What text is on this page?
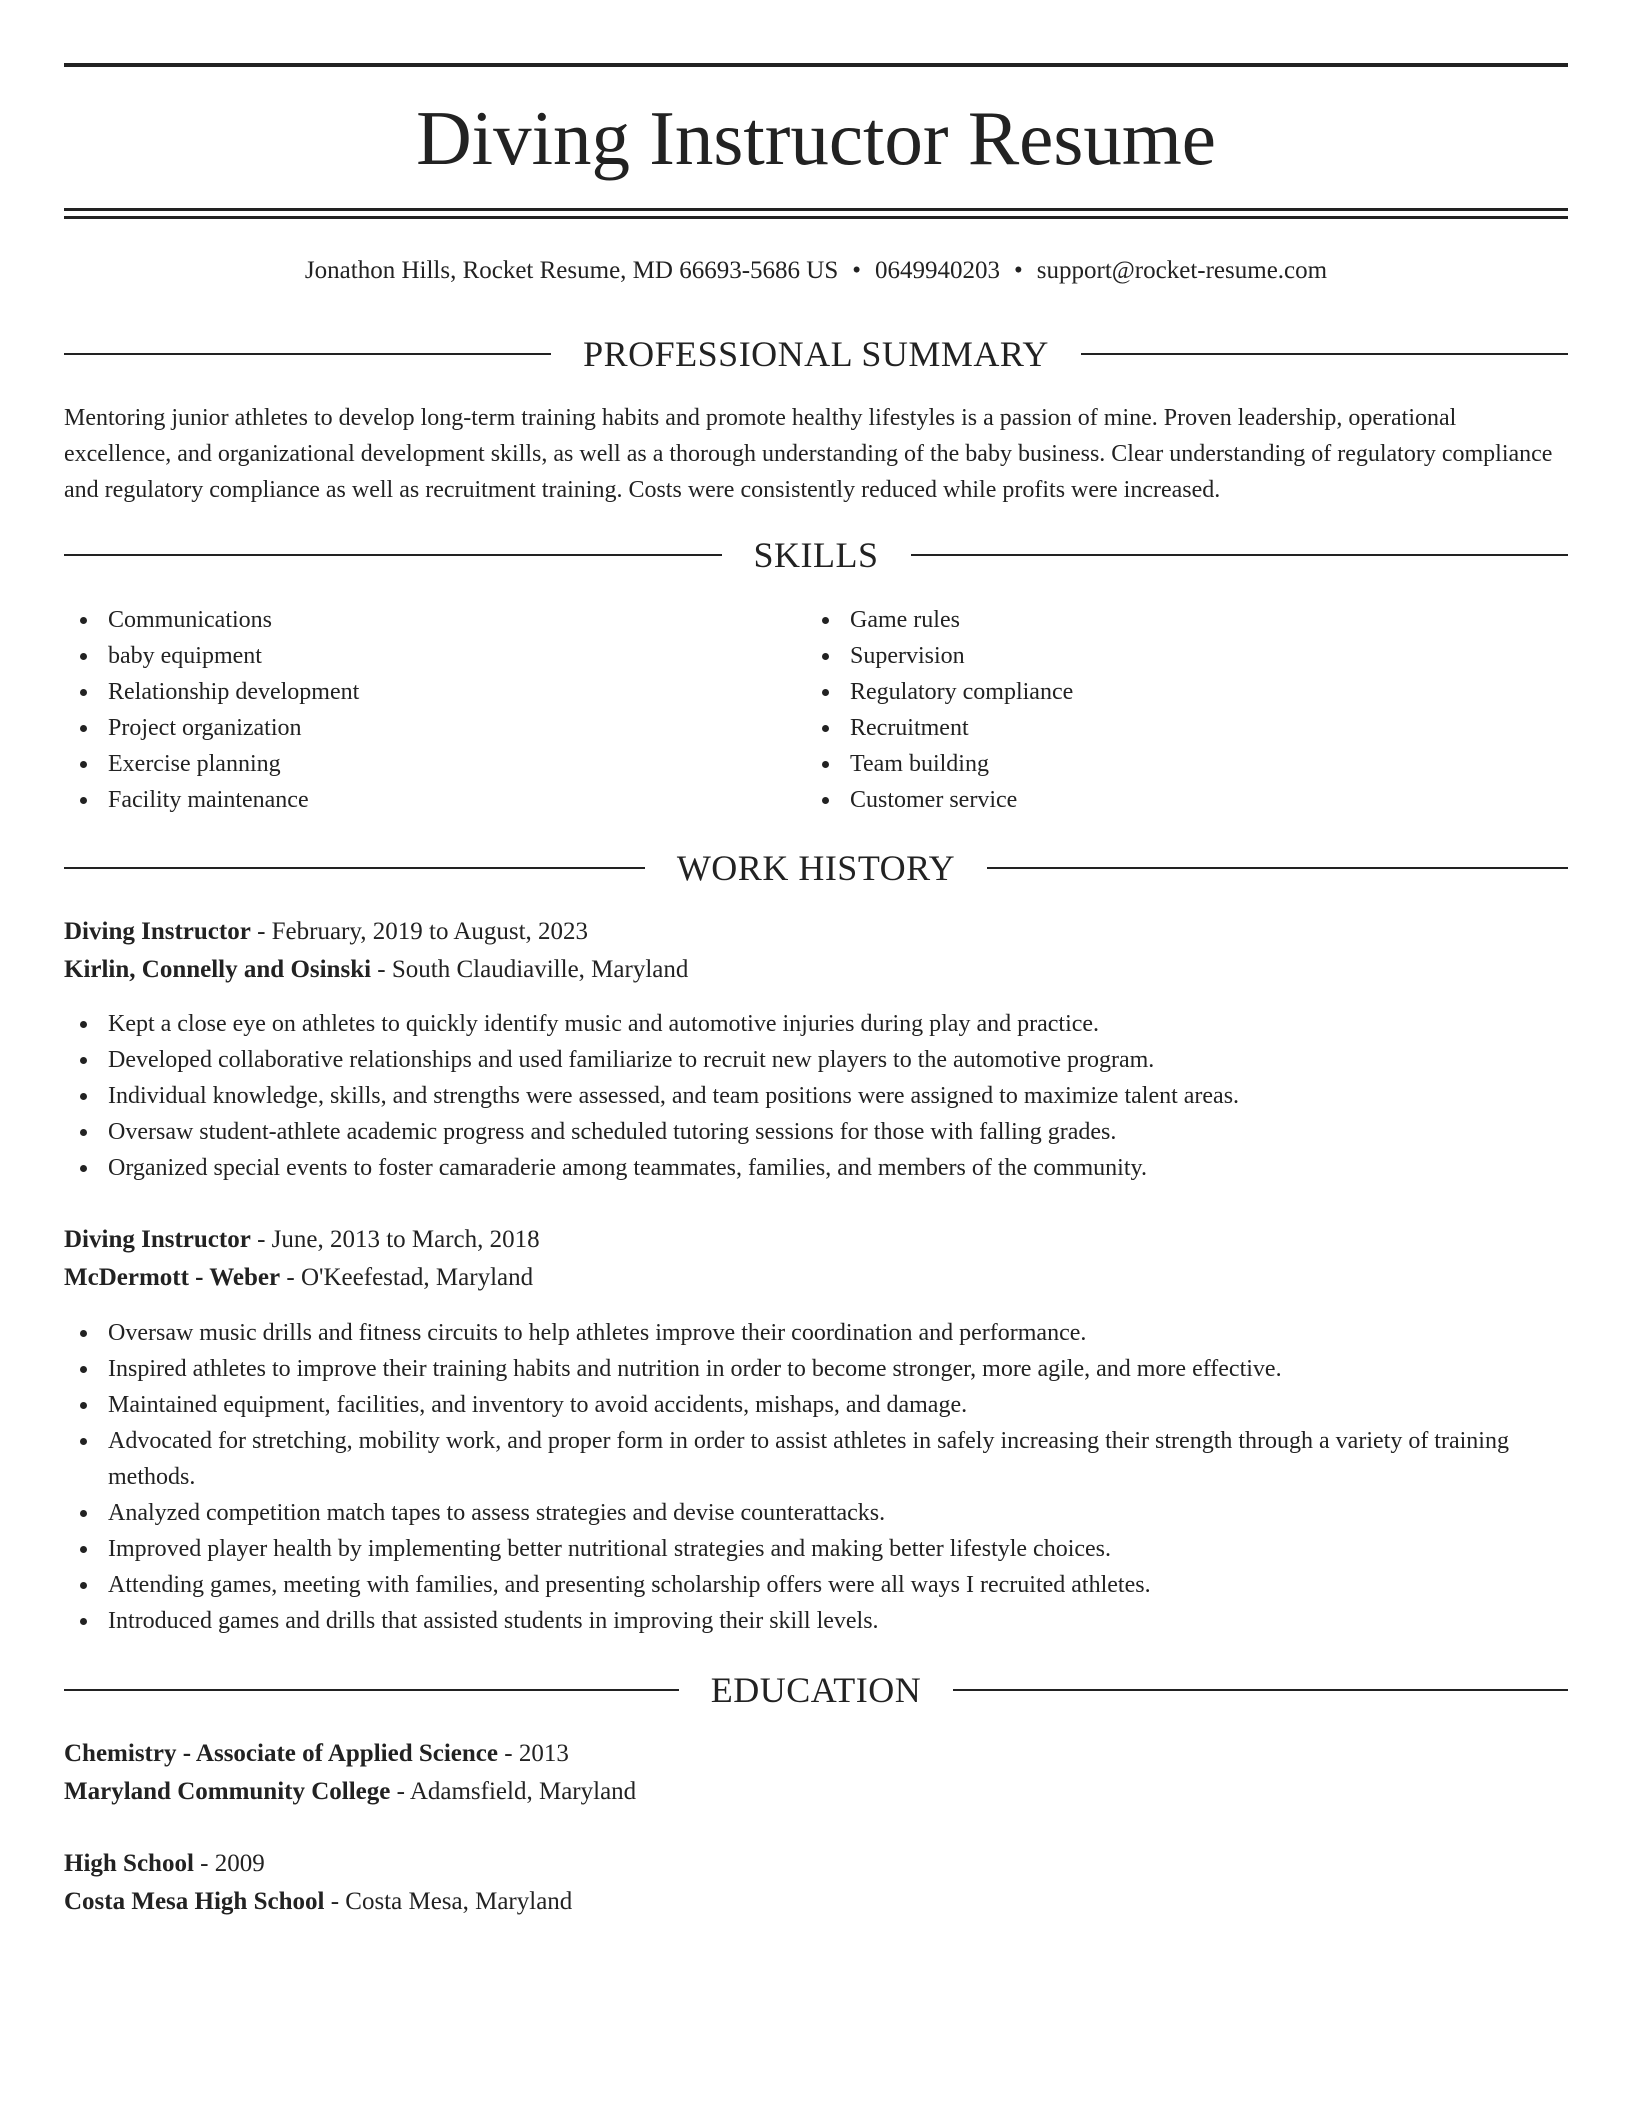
Diving Instructor Resume
Jonathon Hills, Rocket Resume, MD 66693-5686 US • 0649940203 • support@rocket-resume.com
PROFESSIONAL SUMMARY

Mentoring junior athletes to develop long-term training habits and promote healthy lifestyles is a passion of mine. Proven leadership, operational excellence, and organizational development skills, as well as a thorough understanding of the baby business. Clear understanding of regulatory compliance and regulatory compliance as well as recruitment training. Costs were consistently reduced while profits were increased.

SKILLS
Communications
baby equipment
Relationship development
Project organization
Exercise planning
Facility maintenance
Game rules
Supervision
Regulatory compliance
Recruitment
Team building
Customer service
WORK HISTORY
Diving Instructor - February, 2019 to August, 2023
Kirlin, Connelly and Osinski - South Claudiaville, Maryland
Kept a close eye on athletes to quickly identify music and automotive injuries during play and practice.
Developed collaborative relationships and used familiarize to recruit new players to the automotive program.
Individual knowledge, skills, and strengths were assessed, and team positions were assigned to maximize talent areas.
Oversaw student-athlete academic progress and scheduled tutoring sessions for those with falling grades.
Organized special events to foster camaraderie among teammates, families, and members of the community.
Diving Instructor - June, 2013 to March, 2018
McDermott - Weber - O'Keefestad, Maryland
Oversaw music drills and fitness circuits to help athletes improve their coordination and performance.
Inspired athletes to improve their training habits and nutrition in order to become stronger, more agile, and more effective.
Maintained equipment, facilities, and inventory to avoid accidents, mishaps, and damage.
Advocated for stretching, mobility work, and proper form in order to assist athletes in safely increasing their strength through a variety of training methods.
Analyzed competition match tapes to assess strategies and devise counterattacks.
Improved player health by implementing better nutritional strategies and making better lifestyle choices.
Attending games, meeting with families, and presenting scholarship offers were all ways I recruited athletes.
Introduced games and drills that assisted students in improving their skill levels.
EDUCATION
Chemistry - Associate of Applied Science - 2013
Maryland Community College - Adamsfield, Maryland
High School - 2009
Costa Mesa High School - Costa Mesa, Maryland
